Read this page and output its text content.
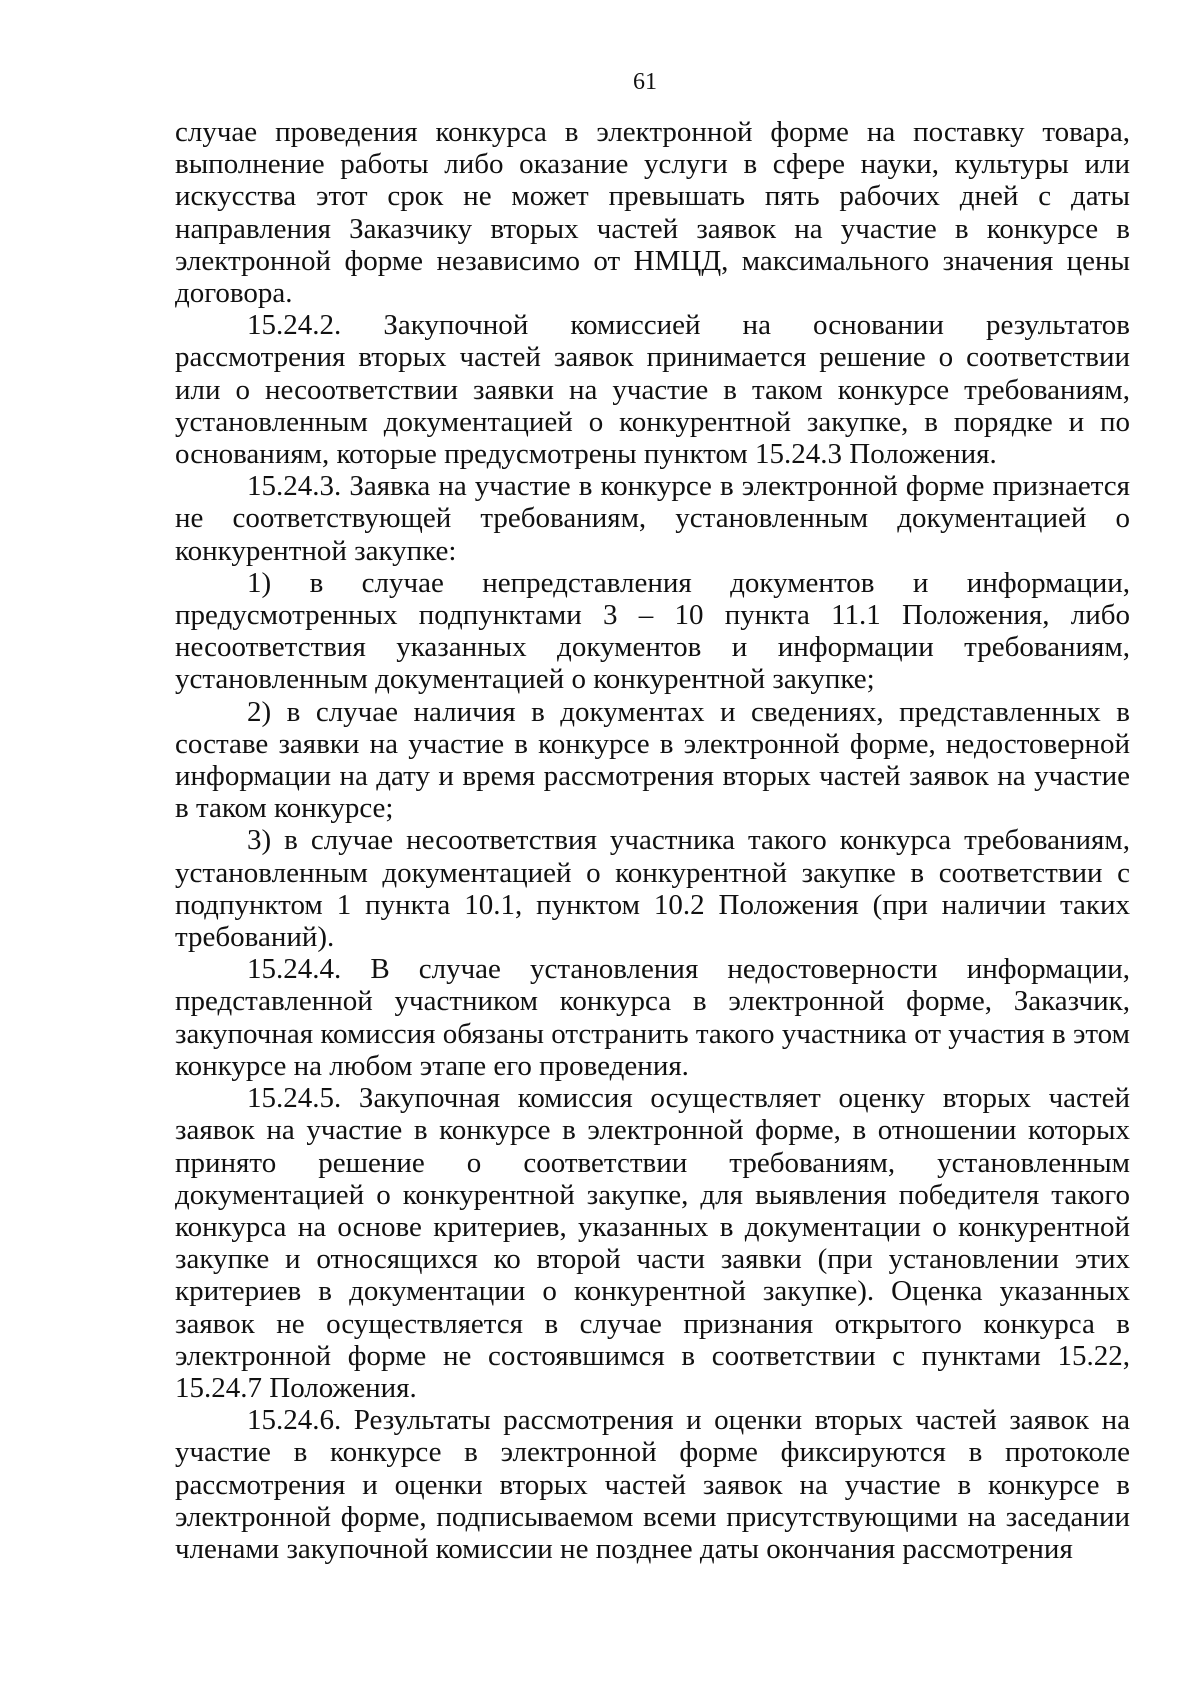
61

случае проведения конкурса в электронной форме на поставку товара, выполнение работы либо оказание услуги в сфере науки, культуры или искусства этот срок не может превышать пять рабочих дней с даты направления Заказчику вторых частей заявок на участие в конкурсе в электронной форме независимо от НМЦД, максимального значения цены договора.

15.24.2. Закупочной комиссией на основании результатов рассмотрения вторых частей заявок принимается решение о соответствии или о несоответствии заявки на участие в таком конкурсе требованиям, установленным документацией о конкурентной закупке, в порядке и по основаниям, которые предусмотрены пунктом 15.24.3 Положения.

15.24.3. Заявка на участие в конкурсе в электронной форме признается не соответствующей требованиям, установленным документацией о конкурентной закупке:

1) в случае непредставления документов и информации, предусмотренных подпунктами 3 – 10 пункта 11.1 Положения, либо несоответствия указанных документов и информации требованиям, установленным документацией о конкурентной закупке;

2) в случае наличия в документах и сведениях, представленных в составе заявки на участие в конкурсе в электронной форме, недостоверной информации на дату и время рассмотрения вторых частей заявок на участие в таком конкурсе;

3) в случае несоответствия участника такого конкурса требованиям, установленным документацией о конкурентной закупке в соответствии с подпунктом 1 пункта 10.1, пунктом 10.2 Положения (при наличии таких требований).

15.24.4. В случае установления недостоверности информации, представленной участником конкурса в электронной форме, Заказчик, закупочная комиссия обязаны отстранить такого участника от участия в этом конкурсе на любом этапе его проведения.

15.24.5. Закупочная комиссия осуществляет оценку вторых частей заявок на участие в конкурсе в электронной форме, в отношении которых принято решение о соответствии требованиям, установленным документацией о конкурентной закупке, для выявления победителя такого конкурса на основе критериев, указанных в документации о конкурентной закупке и относящихся ко второй части заявки (при установлении этих критериев в документации о конкурентной закупке). Оценка указанных заявок не осуществляется в случае признания открытого конкурса в электронной форме не состоявшимся в соответствии с пунктами 15.22, 15.24.7 Положения.

15.24.6. Результаты рассмотрения и оценки вторых частей заявок на участие в конкурсе в электронной форме фиксируются в протоколе рассмотрения и оценки вторых частей заявок на участие в конкурсе в электронной форме, подписываемом всеми присутствующими на заседании членами закупочной комиссии не позднее даты окончания рассмотрения
